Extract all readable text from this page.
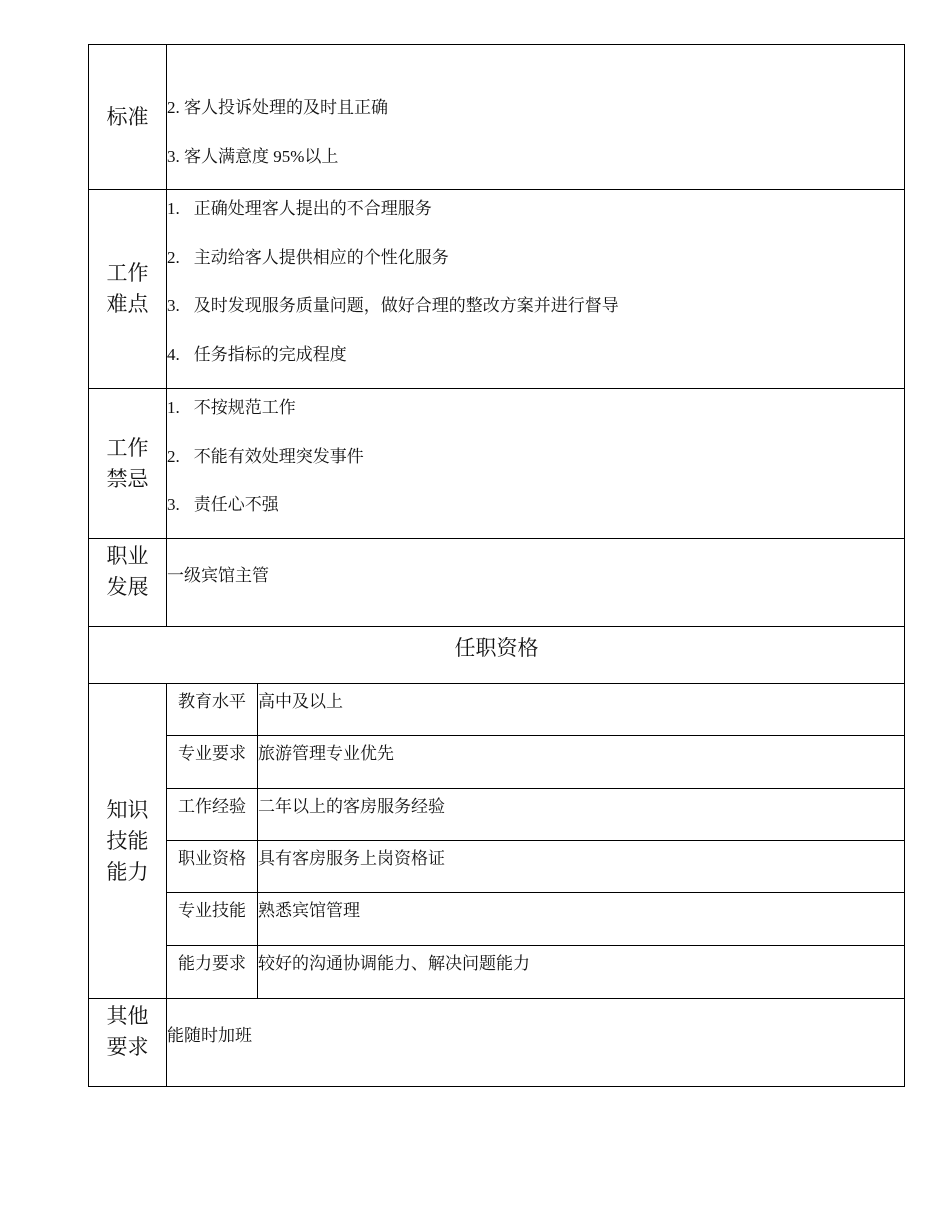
标准 2. 客人投诉处理的及时且正确
3. 客人满意度 95%以上
工作难点
1. 正确处理客人提出的不合理服务
2. 主动给客人提供相应的个性化服务
3. 及时发现服务质量问题，做好合理的整改方案并进行督导
4. 任务指标的完成程度
工作禁忌
1. 不按规范工作
2. 不能有效处理突发事件
3. 责任心不强
职业发展 一级宾馆主管
任职资格
知识技能能力
教育水平 高中及以上
专业要求 旅游管理专业优先
工作经验 二年以上的客房服务经验
职业资格 具有客房服务上岗资格证
专业技能 熟悉宾馆管理
能力要求 较好的沟通协调能力、解决问题能力
其他要求 能随时加班
